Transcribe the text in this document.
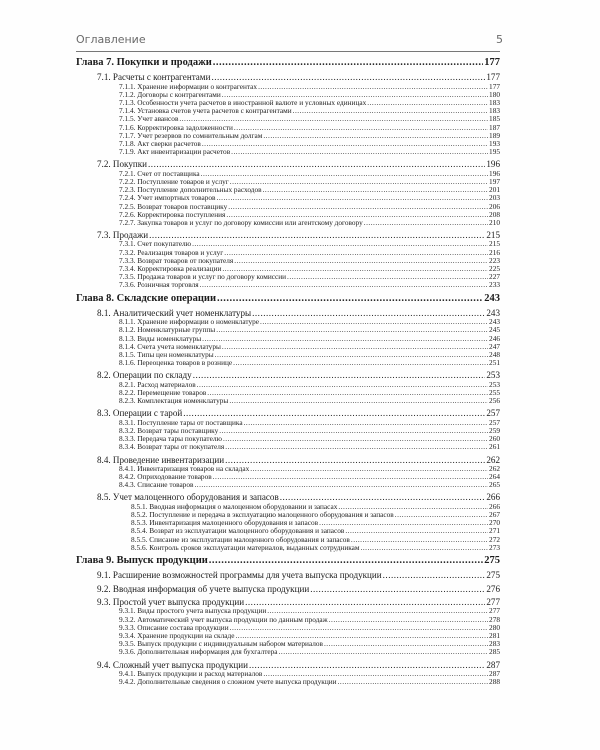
Оглавление	5
Глава 7. Покупки и продажи .....	177
7.1. Расчеты с контрагентами .....	177
7.1.1. Хранение информации о контрагентах .....	177
7.1.2. Договоры с контрагентами .....	180
7.1.3. Особенности учета расчетов в иностранной валюте и условных единицах .....	183
7.1.4. Установка счетов учета расчетов с контрагентами .....	183
7.1.5. Учет авансов .....	185
7.1.6. Корректировка задолженности .....	187
7.1.7. Учет резервов по сомнительным долгам .....	189
7.1.8. Акт сверки расчетов .....	193
7.1.9. Акт инвентаризации расчетов .....	195
7.2. Покупки .....	196
7.2.1. Счет от поставщика .....	196
7.2.2. Поступление товаров и услуг .....	197
7.2.3. Поступление дополнительных расходов .....	201
7.2.4. Учет импортных товаров .....	203
7.2.5. Возврат товаров поставщику .....	206
7.2.6. Корректировка поступления .....	208
7.2.7. Закупка товаров и услуг по договору комиссии или агентскому договору .....	210
7.3. Продажи .....	215
7.3.1. Счет покупателю .....	215
7.3.2. Реализация товаров и услуг .....	216
7.3.3. Возврат товаров от покупателя .....	223
7.3.4. Корректировка реализации .....	225
7.3.5. Продажа товаров и услуг по договору комиссии .....	227
7.3.6. Розничная торговля .....	233
Глава 8. Складские операции .....	243
8.1. Аналитический учет номенклатуры .....	243
8.1.1. Хранение информации о номенклатуре .....	243
8.1.2. Номенклатурные группы .....	245
8.1.3. Виды номенклатуры .....	246
8.1.4. Счета учета номенклатуры .....	247
8.1.5. Типы цен номенклатуры .....	248
8.1.6. Переоценка товаров в рознице .....	251
8.2. Операции по складу .....	253
8.2.1. Расход материалов .....	253
8.2.2. Перемещение товаров .....	255
8.2.3. Комплектация номенклатуры .....	256
8.3. Операции с тарой .....	257
8.3.1. Поступление тары от поставщика .....	257
8.3.2. Возврат тары поставщику .....	259
8.3.3. Передача тары покупателю .....	260
8.3.4. Возврат тары от покупателя .....	261
8.4. Проведение инвентаризации .....	262
8.4.1. Инвентаризация товаров на складах .....	262
8.4.2. Оприходование товаров .....	264
8.4.3. Списание товаров .....	265
8.5. Учет малоценного оборудования и запасов .....	266
8.5.1. Вводная информация о малоценном оборудовании и запасах .....	266
8.5.2. Поступление и передача в эксплуатацию малоценного оборудования и запасов .....	267
8.5.3. Инвентаризация малоценного оборудования и запасов .....	270
8.5.4. Возврат из эксплуатации малоценного оборудования и запасов .....	271
8.5.5. Списание из эксплуатации малоценного оборудования и запасов .....	272
8.5.6. Контроль сроков эксплуатации материалов, выданных сотрудникам .....	273
Глава 9. Выпуск продукции .....	275
9.1. Расширение возможностей программы для учета выпуска продукции .....	275
9.2. Вводная информация об учете выпуска продукции .....	276
9.3. Простой учет выпуска продукции .....	277
9.3.1. Виды простого учета выпуска продукции .....	277
9.3.2. Автоматический учет выпуска продукции по данным продаж .....	278
9.3.3. Описание состава продукции .....	280
9.3.4. Хранение продукции на складе .....	281
9.3.5. Выпуск продукции с индивидуальным набором материалов .....	283
9.3.6. Дополнительная информация для бухгалтера .....	285
9.4. Сложный учет выпуска продукции .....	287
9.4.1. Выпуск продукции и расход материалов .....	287
9.4.2. Дополнительные сведения о сложном учете выпуска продукции .....	288
